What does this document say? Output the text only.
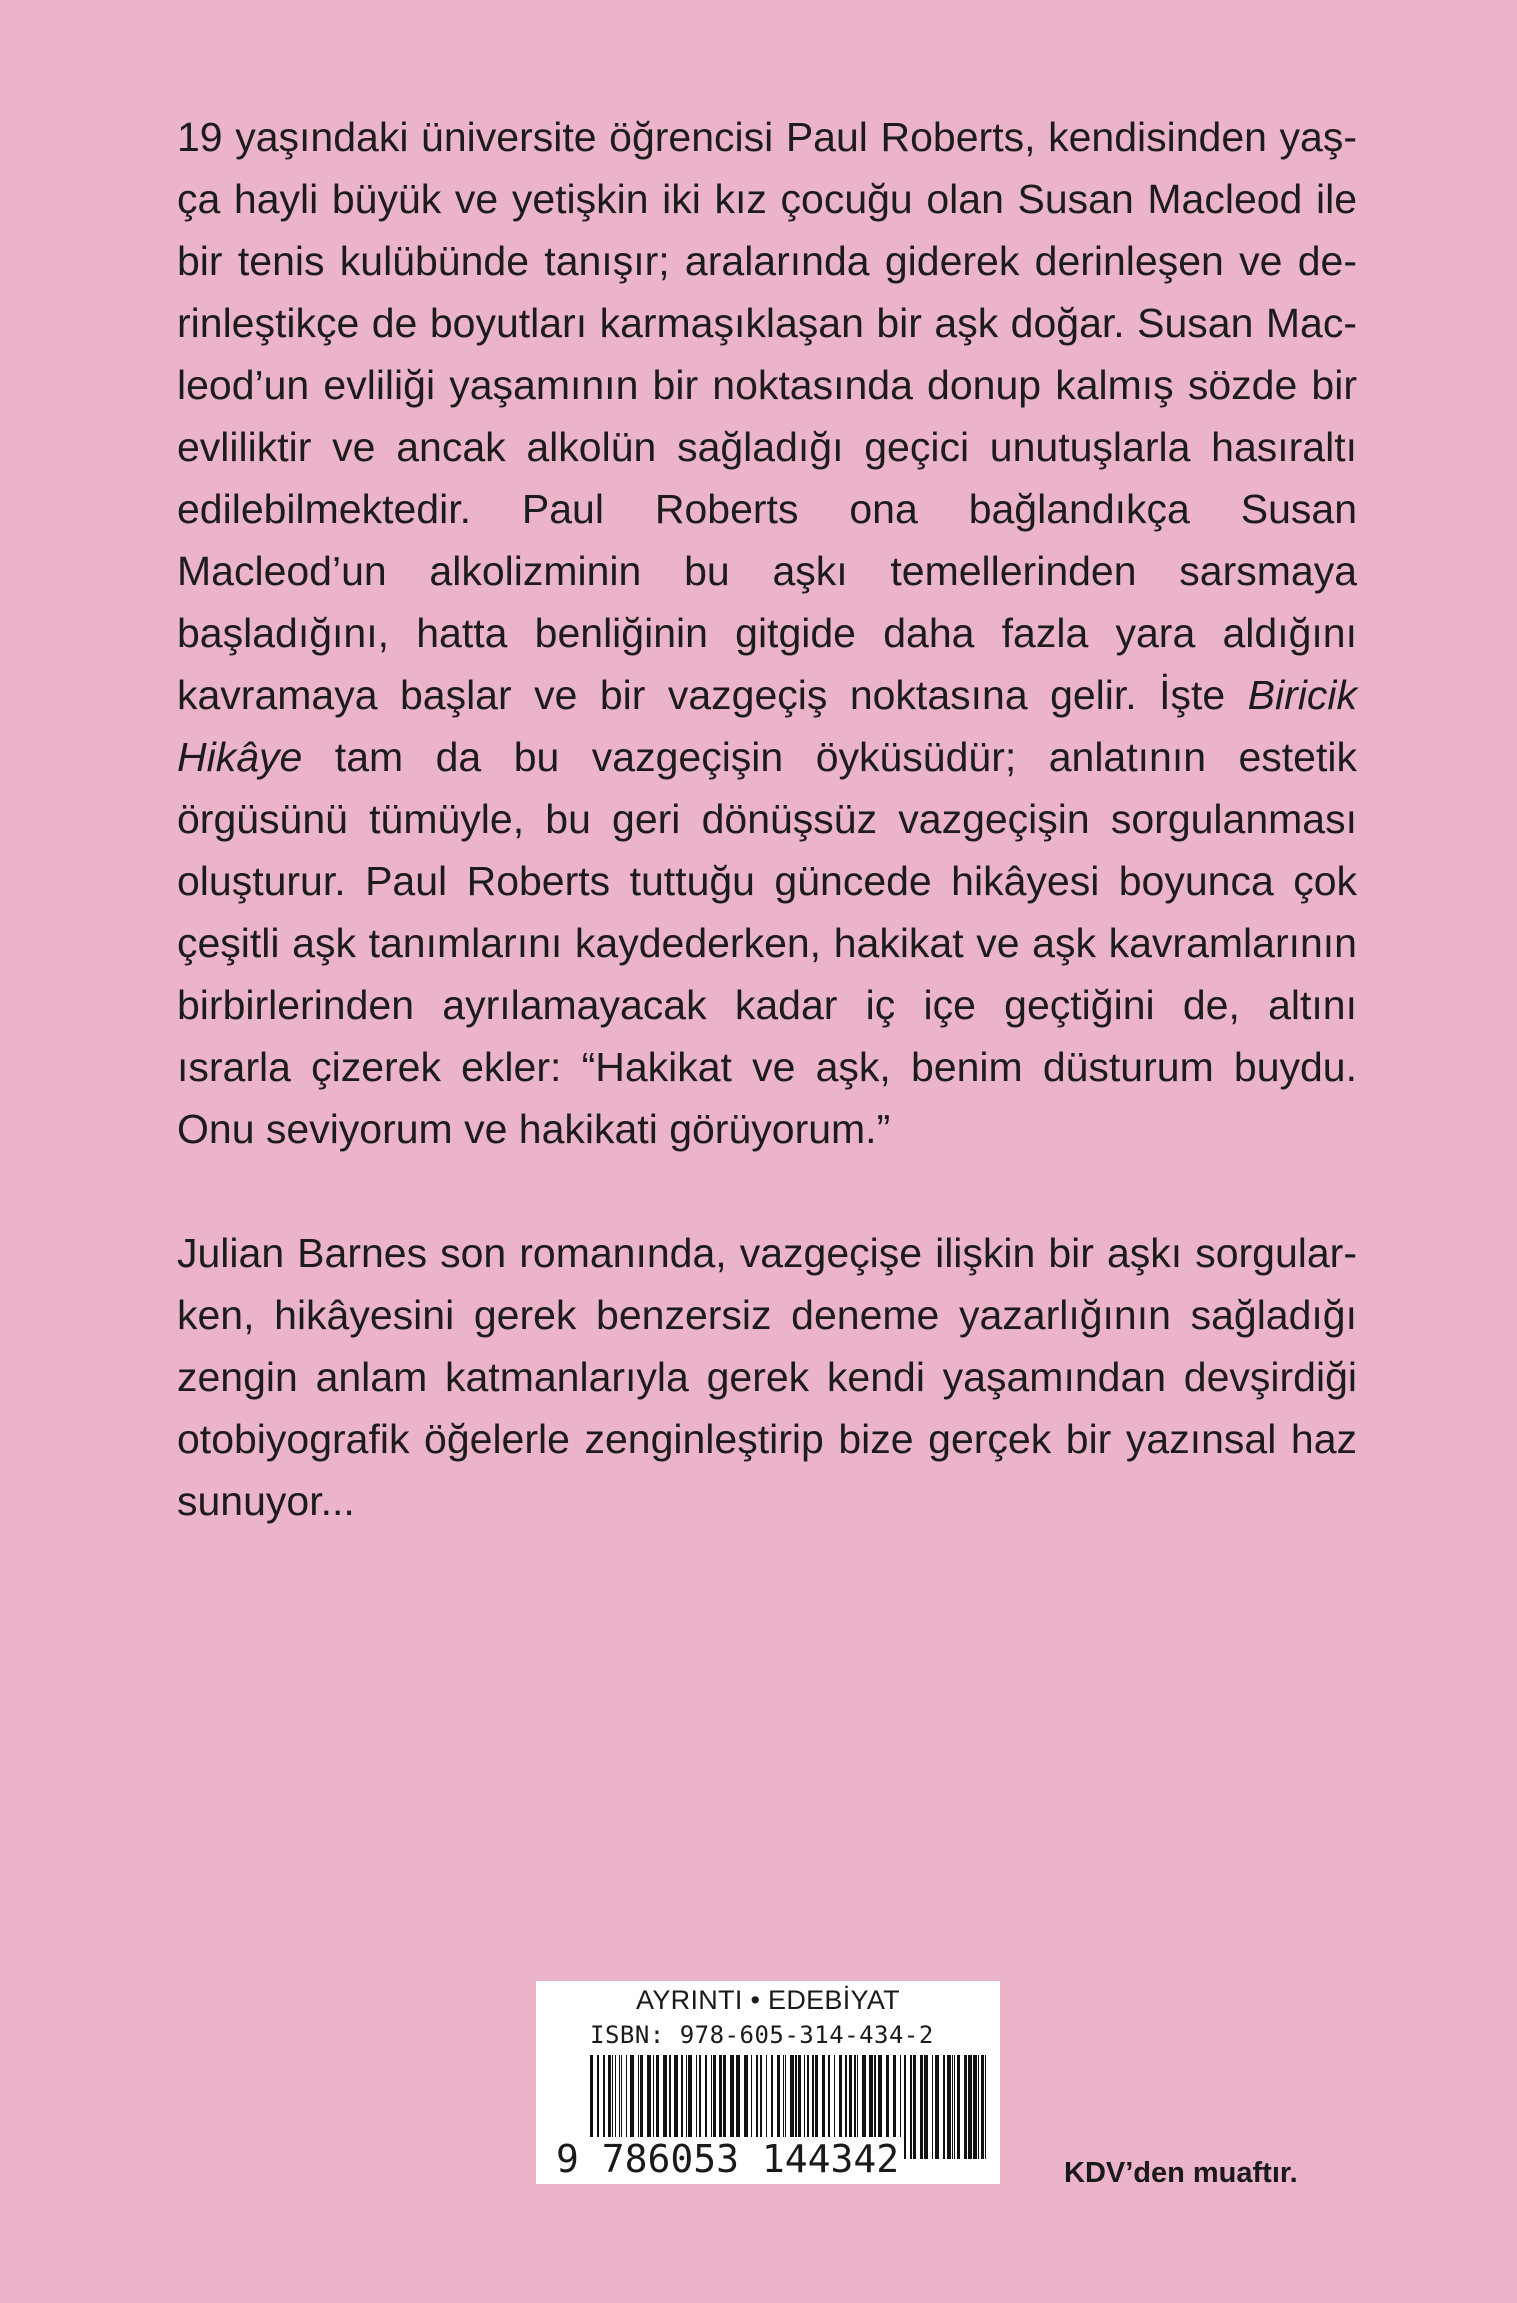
19 yaşındaki üniversite öğrencisi Paul Roberts, kendisinden yaşça hayli büyük ve yetişkin iki kız çocuğu olan Susan Macleod ile bir tenis kulübünde tanışır; aralarında giderek derinleşen ve derinleştikçe de boyutları karmaşıklaşan bir aşk doğar. Susan Macleod’un evliliği yaşamının bir noktasında donup kalmış sözde bir evliliktir ve ancak alkolün sağladığı geçici unutuşlarla hasıraltı edilebilmektedir. Paul Roberts ona bağlandıkça Susan Macleod’un alkolizminin bu aşkı temellerinden sarsmaya başladığını, hatta benliğinin gitgide daha fazla yara aldığını kavramaya başlar ve bir vazgeçiş noktasına gelir. İşte Biricik Hikâye tam da bu vazgeçişin öyküsüdür; anlatının estetik örgüsünü tümüyle, bu geri dönüşsüz vazgeçişin sorgulanması oluşturur. Paul Roberts tuttuğu güncede hikâyesi boyunca çok çeşitli aşk tanımlarını kaydederken, hakikat ve aşk kavramlarının birbirlerinden ayrılamayacak kadar iç içe geçtiğini de, altını ısrarla çizerek ekler: “Hakikat ve aşk, benim düsturum buydu. Onu seviyorum ve hakikati görüyorum.”

Julian Barnes son romanında, vazgeçişe ilişkin bir aşkı sorgularken, hikâyesini gerek benzersiz deneme yazarlığının sağladığı zengin anlam katmanlarıyla gerek kendi yaşamından devşirdiği otobiyografik öğelerle zenginleştirip bize gerçek bir yazınsal haz sunuyor...

AYRINTI • EDEBİYAT
ISBN: 978-605-314-434-2
9 786053 144342	KDV’den muaftır.
